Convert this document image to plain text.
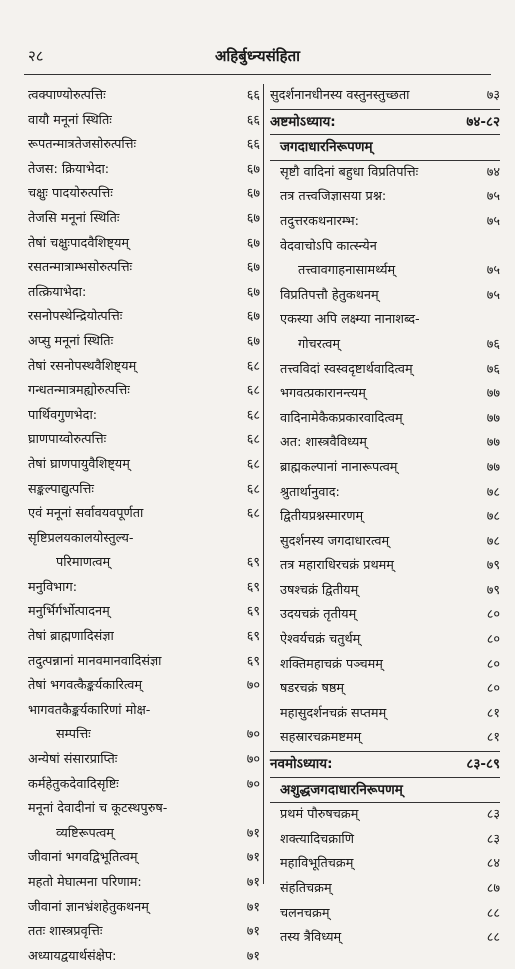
२८	अहिर्बुध्न्यसंहिता
त्वक्पाण्योरुत्पत्तिः	६६
वायौ मनूनां स्थितिः	६६
रूपतन्मात्रतेजसोरुत्पत्तिः	६६
तेजस: क्रियाभेदा:	६७
चक्षुः पादयोरुत्पत्तिः	६७
तेजसि मनूनां स्थितिः	६७
तेषां चक्षुःपादवैशिष्ट्यम्	६७
रसतन्मात्राम्भसोरुत्पत्तिः	६७
तत्क्रियाभेदा:	६७
रसनोपस्थेन्द्रियोत्पत्तिः	६७
अप्सु मनूनां स्थितिः	६७
तेषां रसनोपस्थवैशिष्ट्यम्	६८
गन्धतन्मात्रमह्योरुत्पत्तिः	६८
पार्थिवगुणभेदा:	६८
घ्राणपाय्वोरुत्पत्तिः	६८
तेषां घ्राणपायुवैशिष्ट्यम्	६८
सङ्कल्पाद्युत्पत्तिः	६८
एवं मनूनां सर्वावयवपूर्णता	६८
सृष्टिप्रलयकालयोस्तुल्य-
परिमाणत्वम्	६९
मनुविभाग:	६९
मनुर्भिर्गर्भोत्पादनम्	६९
तेषां ब्राह्मणादिसंज्ञा	६९
तदुत्पन्नानां मानवमानवादिसंज्ञा	६९
तेषां भगवत्कैङ्कर्यकारित्वम्	७०
भागवतकैङ्कर्यकारिणां मोक्ष-
सम्पत्तिः	७०
अन्येषां संसारप्राप्तिः	७०
कर्महेतुकदेवादिसृष्टिः	७०
मनूनां देवादीनां च कूटस्थपुरुष-
व्यष्टिरूपत्वम्	७१
जीवानां भगवद्विभूतित्वम्	७१
महतो मेघात्मना परिणाम:	७१
जीवानां ज्ञानभ्रंशहेतुकथनम्	७१
ततः शास्त्रप्रवृत्तिः	७१
अध्यायद्वयार्थसंक्षेप:	७१
सुदर्शनानधीनस्य वस्तुनस्तुच्छता	७३
अष्टमोऽध्याय:	७४-८२
जगदाधारनिरूपणम्
सृष्टौ वादिनां बहुधा विप्रतिपत्तिः	७४
तत्र तत्त्वजिज्ञासया प्रश्न:	७५
तदुत्तरकथनारम्भ:	७५
वेदवाचोऽपि कात्स्न्येन
तत्त्वावगाहनासामर्थ्यम्	७५
विप्रतिपत्तौ हेतुकथनम्	७५
एकस्या अपि लक्ष्म्या नानाशब्द-
गोचरत्वम्	७६
तत्त्वविदां स्वस्वदृष्टार्थवादित्वम्	७६
भगवत्प्रकारानन्त्यम्	७७
वादिनामेकैकप्रकारवादित्वम्	७७
अत: शास्त्रवैविध्यम्	७७
ब्राह्मकल्पानां नानारूपत्वम्	७७
श्रुतार्थानुवाद:	७८
द्वितीयप्रश्नस्मारणम्	७८
सुदर्शनस्य जगदाधारत्वम्	७८
तत्र महाराधिरचक्रं प्रथमम्	७९
उषश्चक्रं द्वितीयम्	७९
उदयचक्रं तृतीयम्	८०
ऐश्वर्यचक्रं चतुर्थम्	८०
शक्तिमहाचक्रं पञ्चमम्	८०
षडरचक्रं षष्ठम्	८०
महासुदर्शनचक्रं सप्तमम्	८१
सहस्रारचक्रमष्टमम्	८१
नवमोऽध्याय:	८३-८९
अशुद्धजगदाधारनिरूपणम्
प्रथमं पौरुषचक्रम्	८३
शक्त्यादिचक्राणि	८३
महाविभूतिचक्रम्	८४
संहतिचक्रम्	८७
चलनचक्रम्	८८
तस्य त्रैविध्यम्	८८
